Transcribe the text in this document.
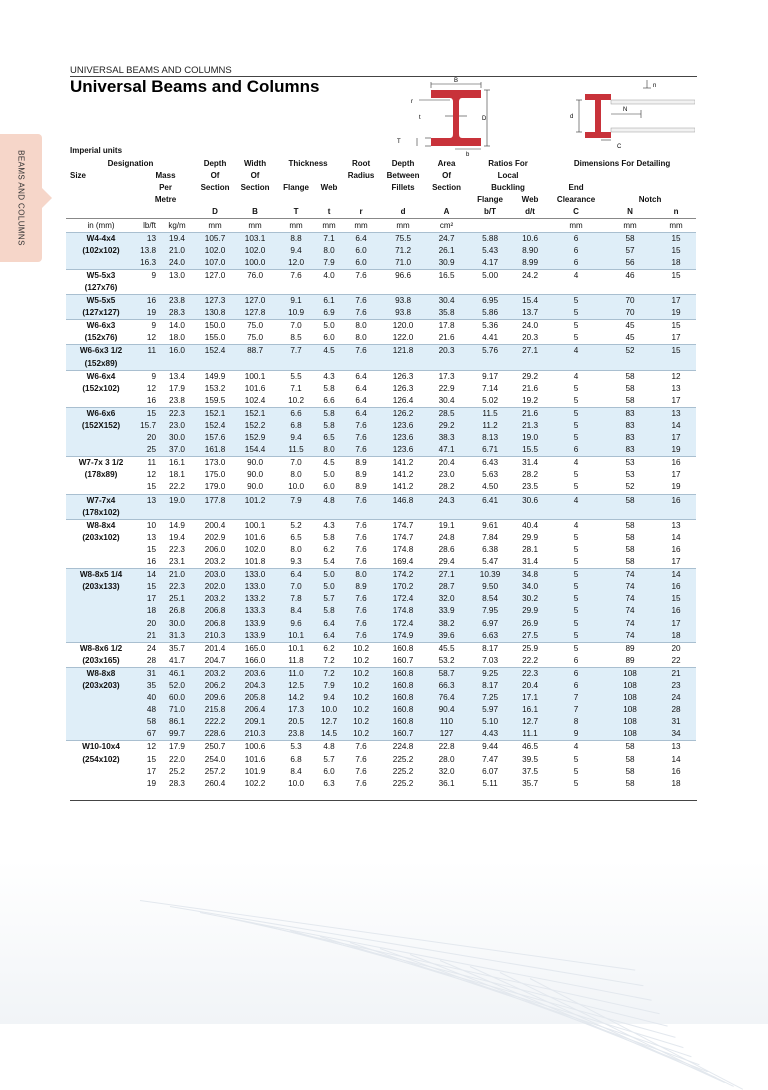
BEAMS AND COLUMNS
UNIVERSAL BEAMS AND COLUMNS
Universal Beams and Columns	B
r
t	D
T
b
d
N
n
C
Imperial units
Designation			Depth	Width	Thickness		Root	Depth	Area	Ratios For		Dimensions For Detailing		
Size	Mass		Of	Of			Radius	Between	Of	Local				
	Per		Section	Section	Flange	Web		Fillets	Section	Buckling		End		
	Metre									Flange	Web	Clearance	Notch	
			D	B	T	t	r	d	A	b/T	d/t	C	N	n
in (mm)	lb/ft	kg/m	mm	mm	mm	mm	mm	mm	cm²			mm	mm	mm
W4-4x4	13	19.4	105.7	103.1	8.8	7.1	6.4	75.5	24.7	5.88	10.6	6	58	15
(102x102)	13.8	21.0	102.0	102.0	9.4	8.0	6.0	71.2	26.1	5.43	8.90	6	57	15
	16.3	24.0	107.0	100.0	12.0	7.9	6.0	71.0	30.9	4.17	8.99	6	56	18
W5-5x3	9	13.0	127.0	76.0	7.6	4.0	7.6	96.6	16.5	5.00	24.2	4	46	15
(127x76)														
W5-5x5	16	23.8	127.3	127.0	9.1	6.1	7.6	93.8	30.4	6.95	15.4	5	70	17
(127x127)	19	28.3	130.8	127.8	10.9	6.9	7.6	93.8	35.8	5.86	13.7	5	70	19
W6-6x3	9	14.0	150.0	75.0	7.0	5.0	8.0	120.0	17.8	5.36	24.0	5	45	15
(152x76)	12	18.0	155.0	75.0	8.5	6.0	8.0	122.0	21.6	4.41	20.3	5	45	17
W6-6x3 1/2	11	16.0	152.4	88.7	7.7	4.5	7.6	121.8	20.3	5.76	27.1	4	52	15
(152x89)														
W6-6x4	9	13.4	149.9	100.1	5.5	4.3	6.4	126.3	17.3	9.17	29.2	4	58	12
(152x102)	12	17.9	153.2	101.6	7.1	5.8	6.4	126.3	22.9	7.14	21.6	5	58	13
	16	23.8	159.5	102.4	10.2	6.6	6.4	126.4	30.4	5.02	19.2	5	58	17
W6-6x6	15	22.3	152.1	152.1	6.6	5.8	6.4	126.2	28.5	11.5	21.6	5	83	13
(152X152)	15.7	23.0	152.4	152.2	6.8	5.8	7.6	123.6	29.2	11.2	21.3	5	83	14
	20	30.0	157.6	152.9	9.4	6.5	7.6	123.6	38.3	8.13	19.0	5	83	17
	25	37.0	161.8	154.4	11.5	8.0	7.6	123.6	47.1	6.71	15.5	6	83	19
W7-7x 3 1/2	11	16.1	173.0	90.0	7.0	4.5	8.9	141.2	20.4	6.43	31.4	4	53	16
(178x89)	12	18.1	175.0	90.0	8.0	5.0	8.9	141.2	23.0	5.63	28.2	5	53	17
	15	22.2	179.0	90.0	10.0	6.0	8.9	141.2	28.2	4.50	23.5	5	52	19
W7-7x4	13	19.0	177.8	101.2	7.9	4.8	7.6	146.8	24.3	6.41	30.6	4	58	16
(178x102)														
W8-8x4	10	14.9	200.4	100.1	5.2	4.3	7.6	174.7	19.1	9.61	40.4	4	58	13
(203x102)	13	19.4	202.9	101.6	6.5	5.8	7.6	174.7	24.8	7.84	29.9	5	58	14
	15	22.3	206.0	102.0	8.0	6.2	7.6	174.8	28.6	6.38	28.1	5	58	16
	16	23.1	203.2	101.8	9.3	5.4	7.6	169.4	29.4	5.47	31.4	5	58	17
W8-8x5 1/4	14	21.0	203.0	133.0	6.4	5.0	8.0	174.2	27.1	10.39	34.8	5	74	14
(203x133)	15	22.3	202.0	133.0	7.0	5.0	8.9	170.2	28.7	9.50	34.0	5	74	16
	17	25.1	203.2	133.2	7.8	5.7	7.6	172.4	32.0	8.54	30.2	5	74	15
	18	26.8	206.8	133.3	8.4	5.8	7.6	174.8	33.9	7.95	29.9	5	74	16
	20	30.0	206.8	133.9	9.6	6.4	7.6	172.4	38.2	6.97	26.9	5	74	17
	21	31.3	210.3	133.9	10.1	6.4	7.6	174.9	39.6	6.63	27.5	5	74	18
W8-8x6 1/2	24	35.7	201.4	165.0	10.1	6.2	10.2	160.8	45.5	8.17	25.9	5	89	20
(203x165)	28	41.7	204.7	166.0	11.8	7.2	10.2	160.7	53.2	7.03	22.2	6	89	22
W8-8x8	31	46.1	203.2	203.6	11.0	7.2	10.2	160.8	58.7	9.25	22.3	6	108	21
(203x203)	35	52.0	206.2	204.3	12.5	7.9	10.2	160.8	66.3	8.17	20.4	6	108	23
	40	60.0	209.6	205.8	14.2	9.4	10.2	160.8	76.4	7.25	17.1	7	108	24
	48	71.0	215.8	206.4	17.3	10.0	10.2	160.8	90.4	5.97	16.1	7	108	28
	58	86.1	222.2	209.1	20.5	12.7	10.2	160.8	110	5.10	12.7	8	108	31
	67	99.7	228.6	210.3	23.8	14.5	10.2	160.7	127	4.43	11.1	9	108	34
W10-10x4	12	17.9	250.7	100.6	5.3	4.8	7.6	224.8	22.8	9.44	46.5	4	58	13
(254x102)	15	22.0	254.0	101.6	6.8	5.7	7.6	225.2	28.0	7.47	39.5	5	58	14
	17	25.2	257.2	101.9	8.4	6.0	7.6	225.2	32.0	6.07	37.5	5	58	16
	19	28.3	260.4	102.2	10.0	6.3	7.6	225.2	36.1	5.11	35.7	5	58	18
